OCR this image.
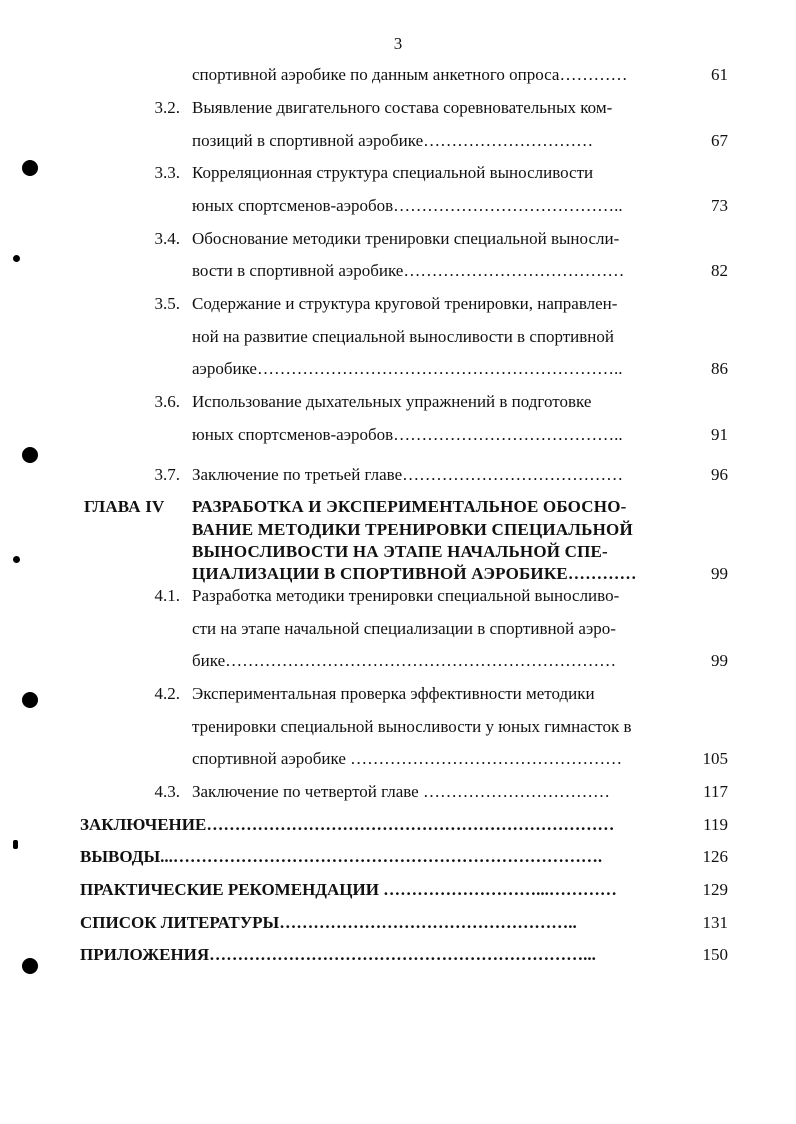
3
спортивной аэробике по данным анкетного опроса…………	61
3.2. Выявление двигательного состава соревновательных ком-
позиций в спортивной аэробике…………………………	67
3.3. Корреляционная структура специальной выносливости
юных спортсменов-аэробов…………………………………..	73
3.4. Обоснование методики тренировки специальной выносли-
вости в спортивной аэробике…………………………………	82
3.5. Содержание и структура круговой тренировки, направлен-
ной на развитие специальной выносливости в спортивной
аэробике………………………………………………………..	86
3.6. Использование дыхательных упражнений в подготовке
юных спортсменов-аэробов…………………………………..	91
3.7. Заключение по третьей главе…………………………………	96
ГЛАВА IV РАЗРАБОТКА И ЭКСПЕРИМЕНТАЛЬНОЕ ОБОСНО-
ВАНИЕ МЕТОДИКИ ТРЕНИРОВКИ СПЕЦИАЛЬНОЙ
ВЫНОСЛИВОСТИ НА ЭТАПЕ НАЧАЛЬНОЙ СПЕ-
ЦИАЛИЗАЦИИ В СПОРТИВНОЙ АЭРОБИКЕ…………	99
4.1. Разработка методики тренировки специальной выносливо-
сти на этапе начальной специализации в спортивной аэро-
бике……………………………………………………………	99
4.2. Экспериментальная проверка эффективности методики
тренировки специальной выносливости у юных гимнасток в
спортивной аэробике …………………………………………	105
4.3. Заключение по четвертой главе ……………………………	117
ЗАКЛЮЧЕНИЕ………………………………………………………………	119
ВЫВОДЫ...………………………………………………………………….	126
ПРАКТИЧЕСКИЕ РЕКОМЕНДАЦИИ ………………………...…………	129
СПИСОК ЛИТЕРАТУРЫ……………………………………………..	131
ПРИЛОЖЕНИЯ…………………………………………………………...	150
